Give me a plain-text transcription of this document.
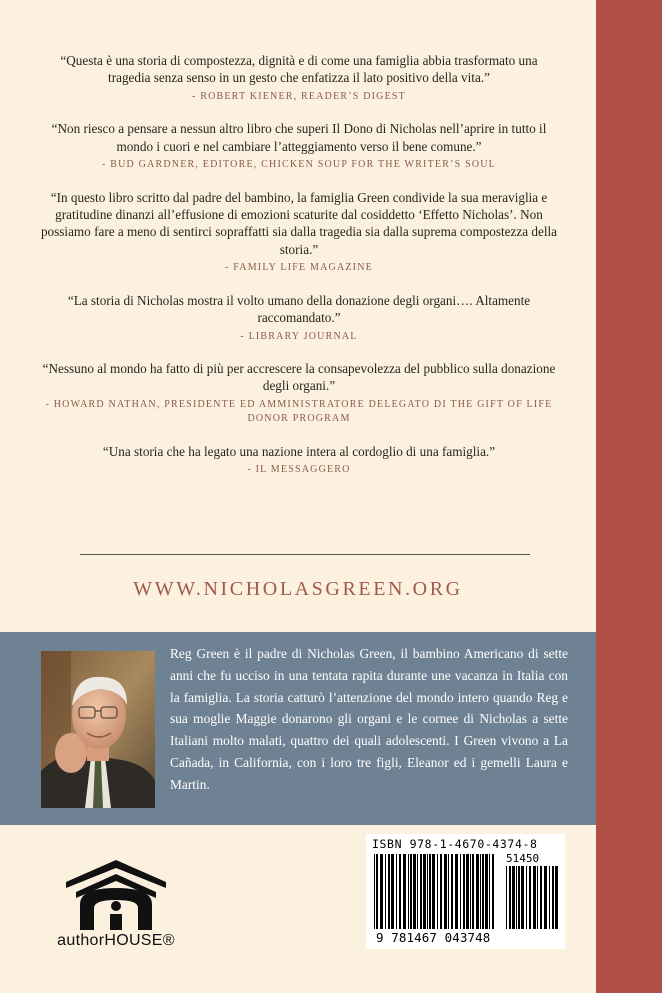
“Questa è una storia di compostezza, dignità e di come una famiglia abbia trasformato una tragedia senza senso in un gesto che enfatizza il lato positivo della vita.”
- ROBERT KIENER, READER’S DIGEST
“Non riesco a pensare a nessun altro libro che superi Il Dono di Nicholas nell’aprire in tutto il mondo i cuori e nel cambiare l’atteggiamento verso il bene comune.”
- BUD GARDNER, EDITORE, CHICKEN SOUP FOR THE WRITER’S SOUL
“In questo libro scritto dal padre del bambino, la famiglia Green condivide la sua meraviglia e gratitudine dinanzi all’effusione di emozioni scaturite dal cosiddetto ‘Effetto Nicholas’. Non possiamo fare a meno di sentirci sopraffatti sia dalla tragedia sia dalla suprema compostezza della storia.”
- FAMILY LIFE MAGAZINE
“La storia di Nicholas mostra il volto umano della donazione degli organi…. Altamente raccomandato.”
- LIBRARY JOURNAL
“Nessuno al mondo ha fatto di più per accrescere la consapevolezza del pubblico sulla donazione degli organi.”
- HOWARD NATHAN, PRESIDENTE ED AMMINISTRATORE DELEGATO DI THE GIFT OF LIFE DONOR PROGRAM
“Una storia che ha legato una nazione intera al cordoglio di una famiglia.”
- IL MESSAGGERO
WWW.NICHOLASGREEN.ORG
Reg Green è il padre di Nicholas Green, il bambino Americano di sette anni che fu ucciso in una tentata rapita durante une vacanza in Italia con la famiglia. La storia catturò l’attenzione del mondo intero quando Reg e sua moglie Maggie donarono gli organi e le cornee di Nicholas a sette Italiani molto malati, quattro dei quali adolescenti. I Green vivono a La Cañada, in California, con i loro tre figli, Eleanor ed i gemelli Laura e Martin.
authorHOUSE®
ISBN 978-1-4670-4374-8
51450
9 781467 043748
